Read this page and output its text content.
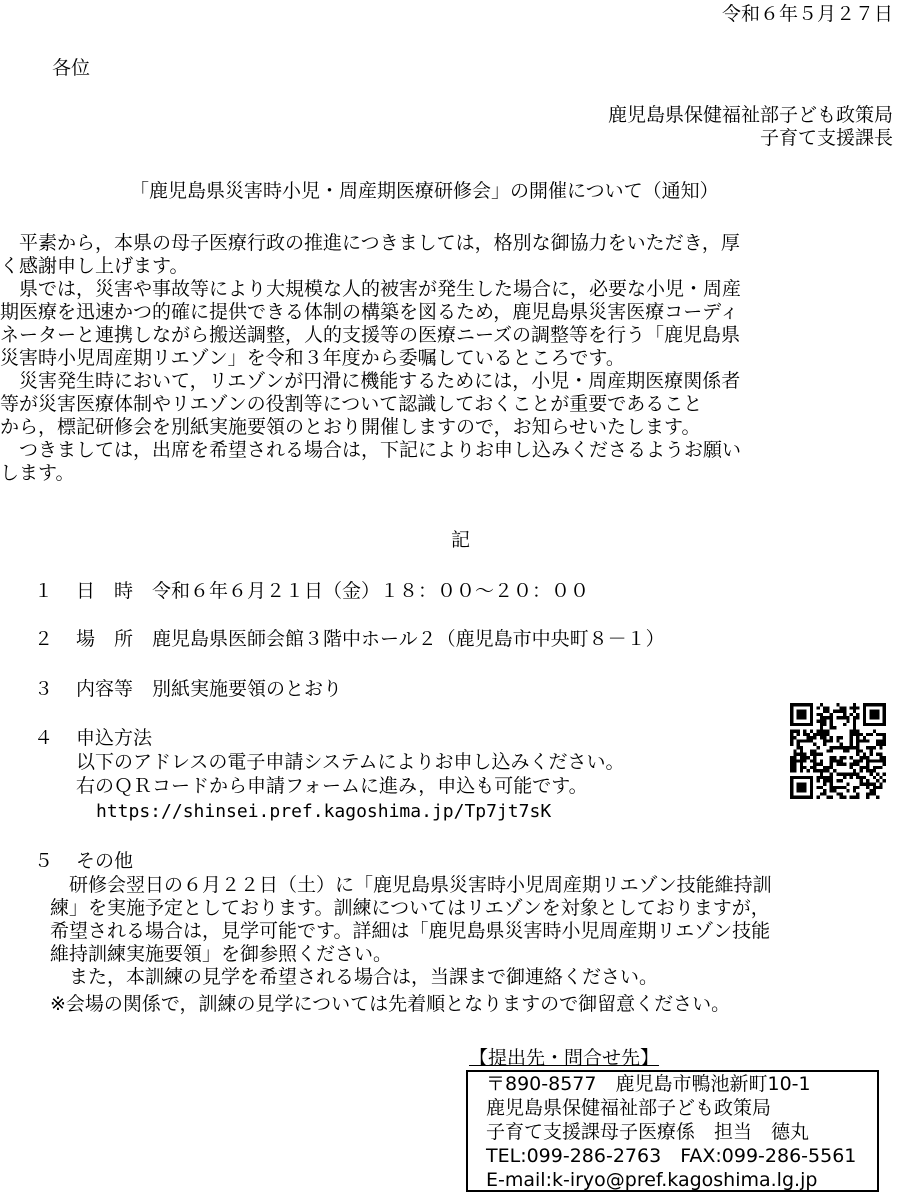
令和６年５月２７日
各位
鹿児島県保健福祉部子ども政策局
子育て支援課長
「鹿児島県災害時小児・周産期医療研修会」の開催について（通知）
　平素から，本県の母子医療行政の推進につきましては，格別な御協力をいただき，厚
く感謝申し上げます。
　県では，災害や事故等により大規模な人的被害が発生した場合に，必要な小児・周産
期医療を迅速かつ的確に提供できる体制の構築を図るため，鹿児島県災害医療コーディ
ネーターと連携しながら搬送調整，人的支援等の医療ニーズの調整等を行う「鹿児島県
災害時小児周産期リエゾン」を令和３年度から委嘱しているところです。
　災害発生時において，リエゾンが円滑に機能するためには，小児・周産期医療関係者
等が災害医療体制やリエゾンの役割等について認識しておくことが重要であること
から，標記研修会を別紙実施要領のとおり開催しますので，お知らせいたします。
　つきましては，出席を希望される場合は，下記によりお申し込みくださるようお願い
します。
記
１ 日　時　令和６年６月２１日（金）１８：００～２０：００
２ 場　所　鹿児島県医師会館３階中ホール２（鹿児島市中央町８－１）
３ 内容等　別紙実施要領のとおり
４ 申込方法
以下のアドレスの電子申請システムによりお申し込みください。
右のＱＲコードから申請フォームに進み，申込も可能です。
https://shinsei.pref.kagoshima.jp/Tp7jt7sK
５ その他
　研修会翌日の６月２２日（土）に「鹿児島県災害時小児周産期リエゾン技能維持訓
練」を実施予定としております。訓練についてはリエゾンを対象としておりますが，
希望される場合は，見学可能です。詳細は「鹿児島県災害時小児周産期リエゾン技能
維持訓練実施要領」を御参照ください。
　また，本訓練の見学を希望される場合は，当課まで御連絡ください。
※会場の関係で，訓練の見学については先着順となりますので御留意ください。
【提出先・問合せ先】
〒890-8577　鹿児島市鴨池新町10-1
鹿児島県保健福祉部子ども政策局
子育て支援課母子医療係　担当　德丸
TEL:099-286-2763　FAX:099-286-5561
E-mail:k-iryo@pref.kagoshima.lg.jp
